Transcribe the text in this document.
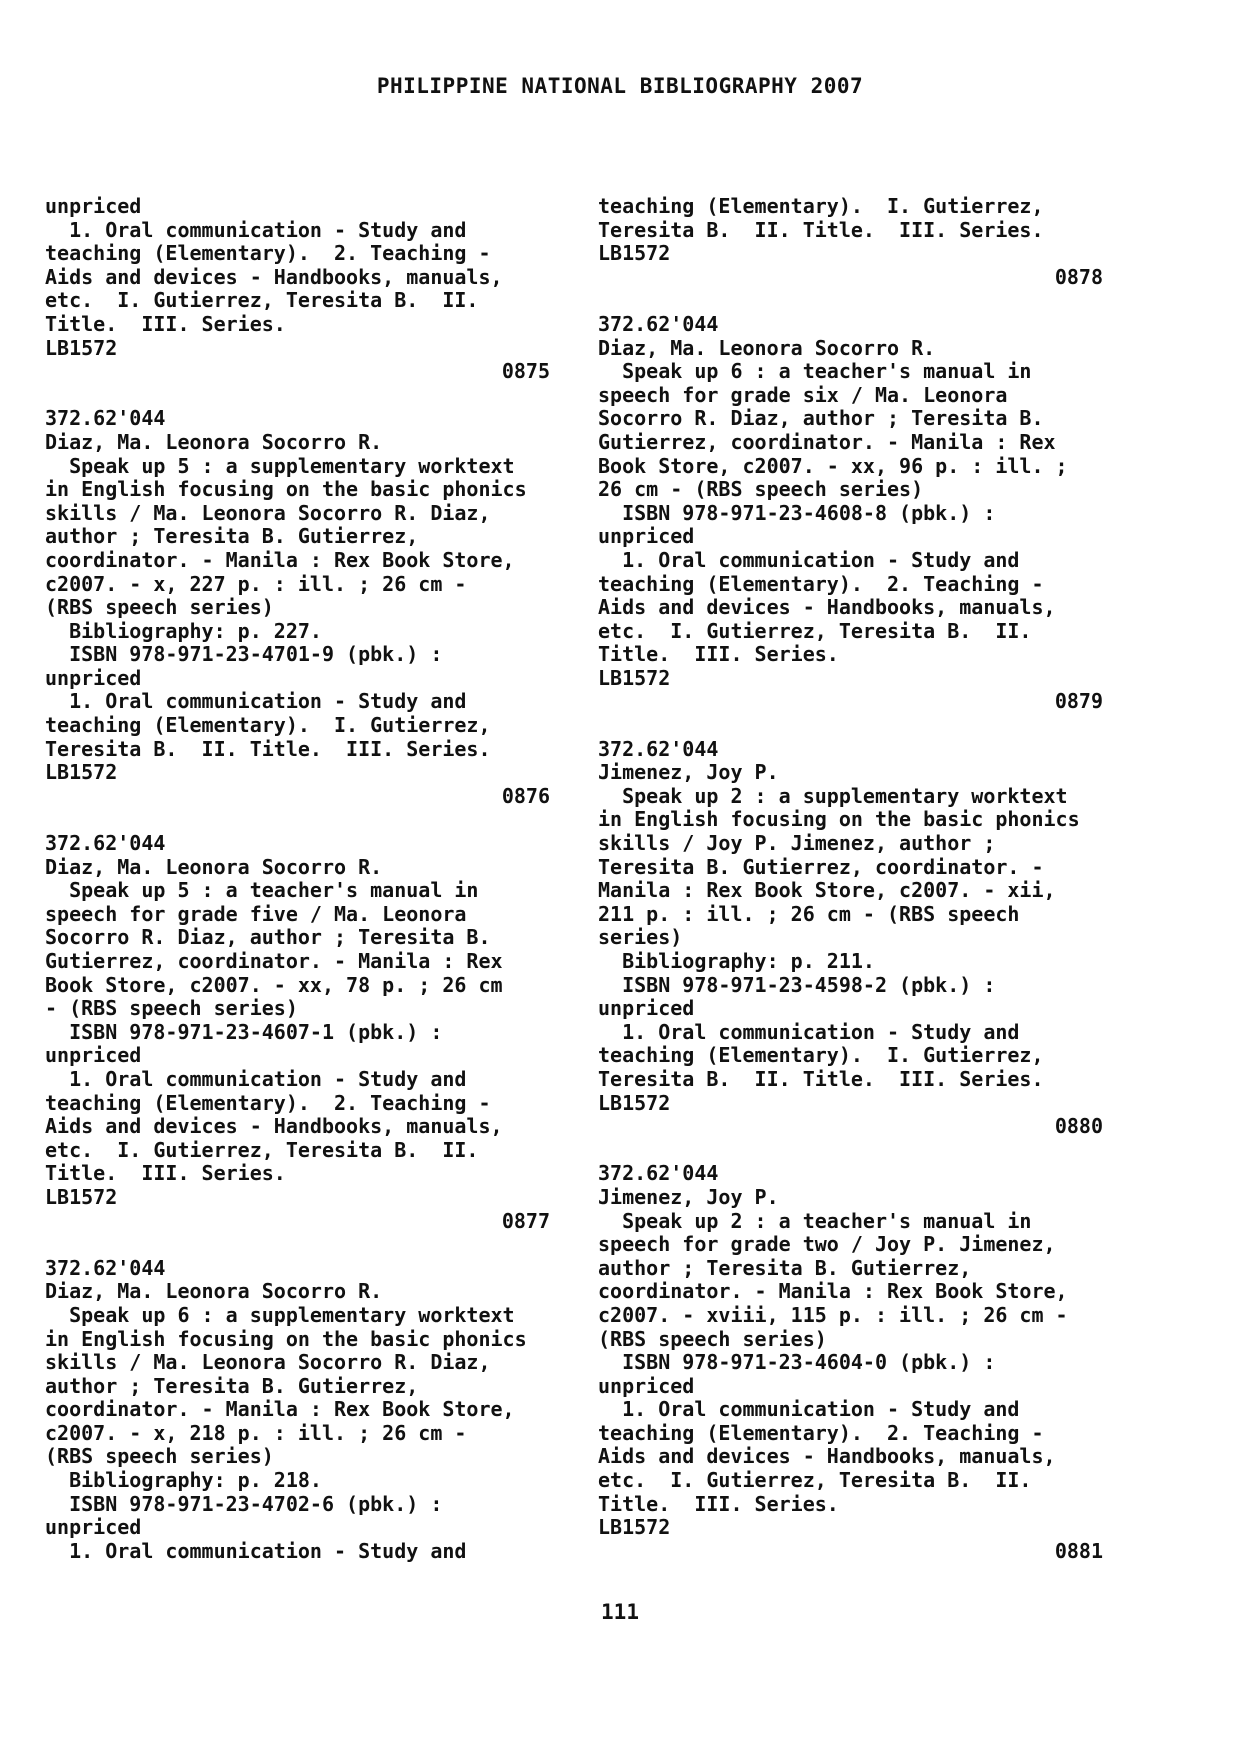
PHILIPPINE NATIONAL BIBLIOGRAPHY 2007
unpriced
1. Oral communication - Study and
teaching (Elementary).  2. Teaching -
Aids and devices - Handbooks, manuals,
etc.  I. Gutierrez, Teresita B.  II.
Title.  III. Series.
LB1572
0875
372.62'044
Diaz, Ma. Leonora Socorro R.
Speak up 5 : a supplementary worktext
in English focusing on the basic phonics
skills / Ma. Leonora Socorro R. Diaz,
author ; Teresita B. Gutierrez,
coordinator. - Manila : Rex Book Store,
c2007. - x, 227 p. : ill. ; 26 cm -
(RBS speech series)
Bibliography: p. 227.
ISBN 978-971-23-4701-9 (pbk.) :
unpriced
1. Oral communication - Study and
teaching (Elementary).  I. Gutierrez,
Teresita B.  II. Title.  III. Series.
LB1572
0876
372.62'044
Diaz, Ma. Leonora Socorro R.
Speak up 5 : a teacher's manual in
speech for grade five / Ma. Leonora
Socorro R. Diaz, author ; Teresita B.
Gutierrez, coordinator. - Manila : Rex
Book Store, c2007. - xx, 78 p. ; 26 cm
- (RBS speech series)
ISBN 978-971-23-4607-1 (pbk.) :
unpriced
1. Oral communication - Study and
teaching (Elementary).  2. Teaching -
Aids and devices - Handbooks, manuals,
etc.  I. Gutierrez, Teresita B.  II.
Title.  III. Series.
LB1572
0877
372.62'044
Diaz, Ma. Leonora Socorro R.
Speak up 6 : a supplementary worktext
in English focusing on the basic phonics
skills / Ma. Leonora Socorro R. Diaz,
author ; Teresita B. Gutierrez,
coordinator. - Manila : Rex Book Store,
c2007. - x, 218 p. : ill. ; 26 cm -
(RBS speech series)
Bibliography: p. 218.
ISBN 978-971-23-4702-6 (pbk.) :
unpriced
1. Oral communication - Study and
teaching (Elementary).  I. Gutierrez,
Teresita B.  II. Title.  III. Series.
LB1572
0878
372.62'044
Diaz, Ma. Leonora Socorro R.
Speak up 6 : a teacher's manual in
speech for grade six / Ma. Leonora
Socorro R. Diaz, author ; Teresita B.
Gutierrez, coordinator. - Manila : Rex
Book Store, c2007. - xx, 96 p. : ill. ;
26 cm - (RBS speech series)
ISBN 978-971-23-4608-8 (pbk.) :
unpriced
1. Oral communication - Study and
teaching (Elementary).  2. Teaching -
Aids and devices - Handbooks, manuals,
etc.  I. Gutierrez, Teresita B.  II.
Title.  III. Series.
LB1572
0879
372.62'044
Jimenez, Joy P.
Speak up 2 : a supplementary worktext
in English focusing on the basic phonics
skills / Joy P. Jimenez, author ;
Teresita B. Gutierrez, coordinator. -
Manila : Rex Book Store, c2007. - xii,
211 p. : ill. ; 26 cm - (RBS speech
series)
Bibliography: p. 211.
ISBN 978-971-23-4598-2 (pbk.) :
unpriced
1. Oral communication - Study and
teaching (Elementary).  I. Gutierrez,
Teresita B.  II. Title.  III. Series.
LB1572
0880
372.62'044
Jimenez, Joy P.
Speak up 2 : a teacher's manual in
speech for grade two / Joy P. Jimenez,
author ; Teresita B. Gutierrez,
coordinator. - Manila : Rex Book Store,
c2007. - xviii, 115 p. : ill. ; 26 cm -
(RBS speech series)
ISBN 978-971-23-4604-0 (pbk.) :
unpriced
1. Oral communication - Study and
teaching (Elementary).  2. Teaching -
Aids and devices - Handbooks, manuals,
etc.  I. Gutierrez, Teresita B.  II.
Title.  III. Series.
LB1572
0881
111
